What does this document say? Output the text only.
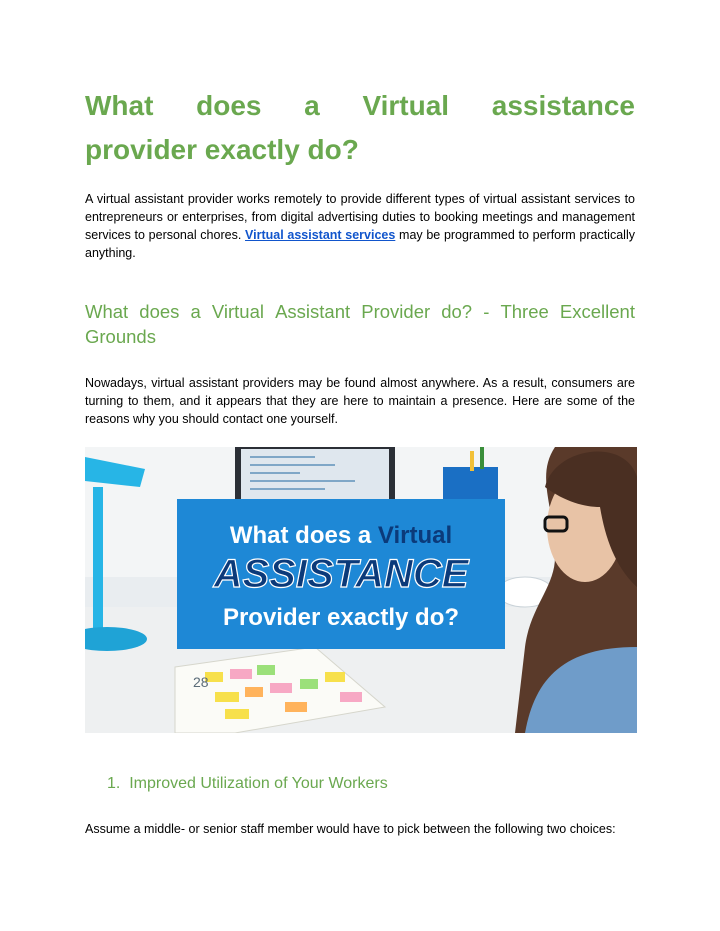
What does a Virtual assistance
provider exactly do?

A virtual assistant provider works remotely to provide different types of virtual assistant services to entrepreneurs or enterprises, from digital advertising duties to booking meetings and management services to personal chores. Virtual assistant services may be programmed to perform practically anything.

What does a Virtual Assistant Provider do? - Three Excellent
Grounds

Nowadays, virtual assistant providers may be found almost anywhere. As a result, consumers are turning to them, and it appears that they are here to maintain a presence. Here are some of the reasons why you should contact one yourself.

28
What does a Virtual
ASSISTANCE
Provider exactly do?
1. Improved Utilization of Your Workers

Assume a middle- or senior staff member would have to pick between the following two choices:
